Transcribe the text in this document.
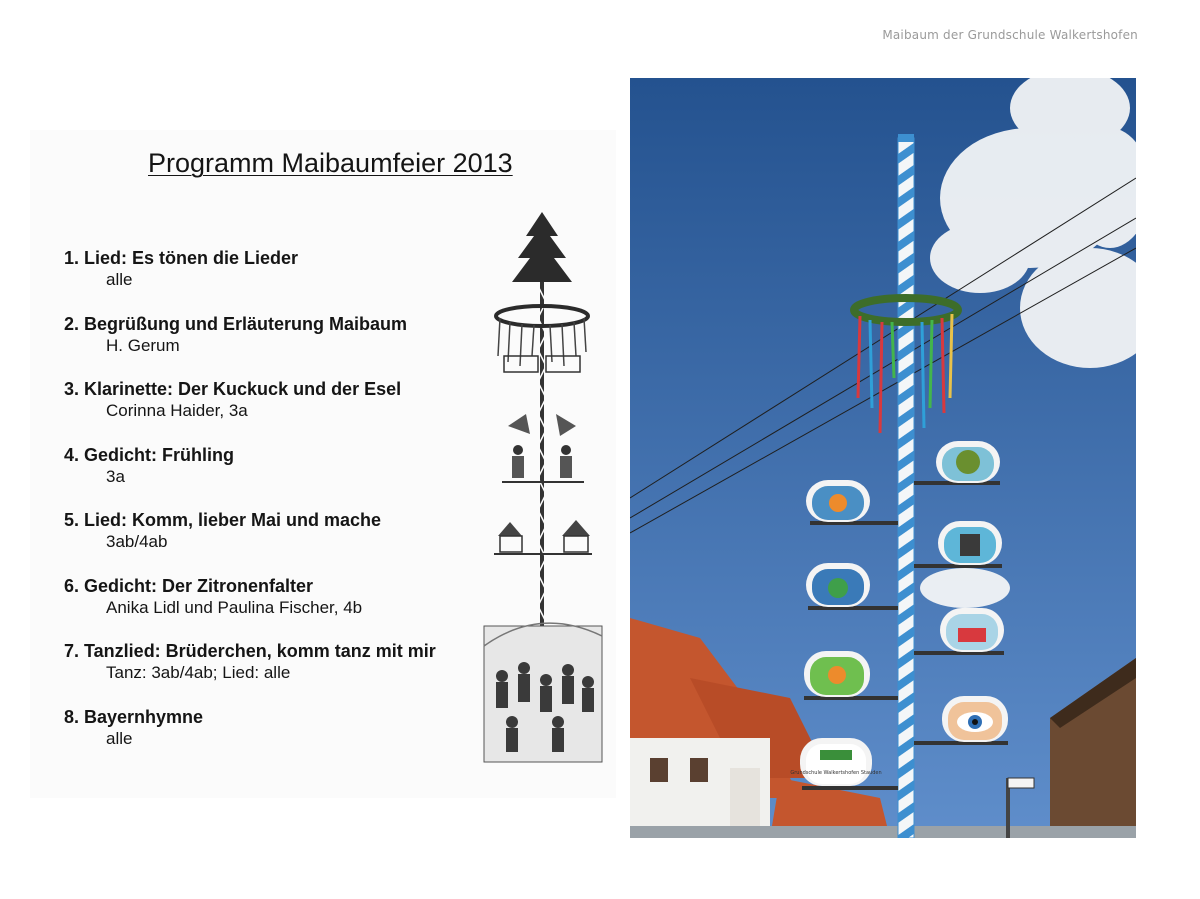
Maibaum der Grundschule Walkertshofen
Programm Maibaumfeier 2013
1. Lied: Es tönen die Lieder
alle
2. Begrüßung und Erläuterung Maibaum
H. Gerum
3. Klarinette: Der Kuckuck und der Esel
Corinna Haider, 3a
4. Gedicht: Frühling
3a
5. Lied: Komm, lieber Mai und mache
3ab/4ab
6. Gedicht: Der Zitronenfalter
Anika Lidl und Paulina Fischer, 4b
7. Tanzlied: Brüderchen, komm tanz mit mir
Tanz: 3ab/4ab; Lied: alle
8. Bayernhymne
alle
Grundschule Walkertshofen Stauden
